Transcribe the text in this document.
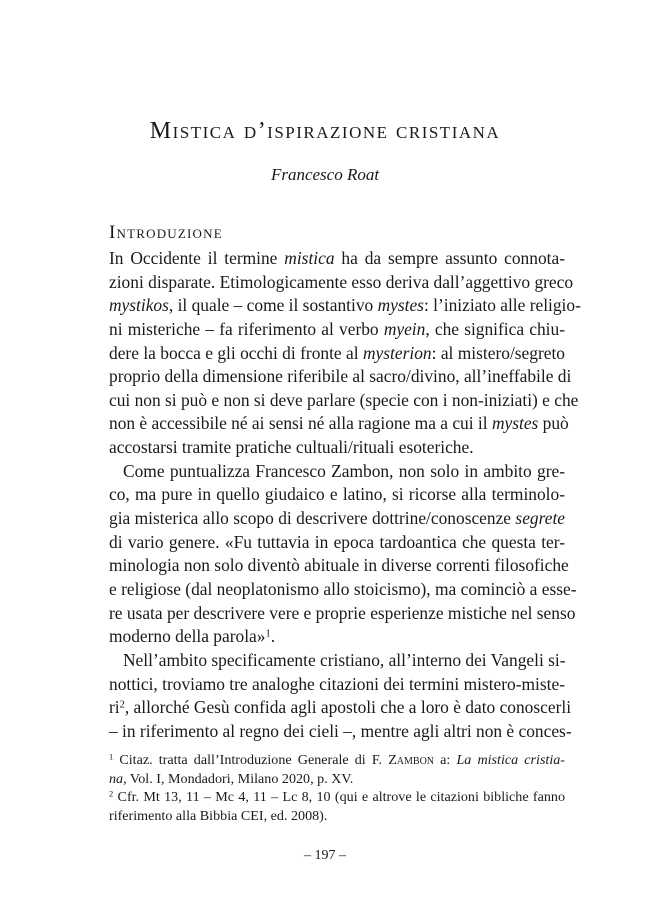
Mistica d’ispirazione cristiana
Francesco Roat
Introduzione
In Occidente il termine mistica ha da sempre assunto connota-
zioni disparate. Etimologicamente esso deriva dall’aggettivo greco
mystikos, il quale – come il sostantivo mystes: l’iniziato alle religio-
ni misteriche – fa riferimento al verbo myein, che significa chiu-
dere la bocca e gli occhi di fronte al mysterion: al mistero/segreto
proprio della dimensione riferibile al sacro/divino, all’ineffabile di
cui non si può e non si deve parlare (specie con i non-iniziati) e che
non è accessibile né ai sensi né alla ragione ma a cui il mystes può
accostarsi tramite pratiche cultuali/rituali esoteriche.
Come puntualizza Francesco Zambon, non solo in ambito gre-
co, ma pure in quello giudaico e latino, si ricorse alla terminolo-
gia misterica allo scopo di descrivere dottrine/conoscenze segrete
di vario genere. «Fu tuttavia in epoca tardoantica che questa ter-
minologia non solo diventò abituale in diverse correnti filosofiche
e religiose (dal neoplatonismo allo stoicismo), ma cominciò a esse-
re usata per descrivere vere e proprie esperienze mistiche nel senso
moderno della parola»$^1$.
Nell’ambito specificamente cristiano, all’interno dei Vangeli si-
nottici, troviamo tre analoghe citazioni dei termini mistero-miste-
$ri^2$, allorché Gesù confida agli apostoli che a loro è dato conoscerli
– in riferimento al regno dei cieli –, mentre agli altri non è conces-
$^1$ Citaz. tratta dall’Introduzione Generale di F. Zambon a: La mistica cristia-
na, Vol. I, Mondadori, Milano 2020, p. XV.
$^2$ Cfr. Mt 13, 11 – Mc 4, 11 – Lc 8, 10 (qui e altrove le citazioni bibliche fanno
riferimento alla Bibbia CEI, ed. 2008).
– 197 –
